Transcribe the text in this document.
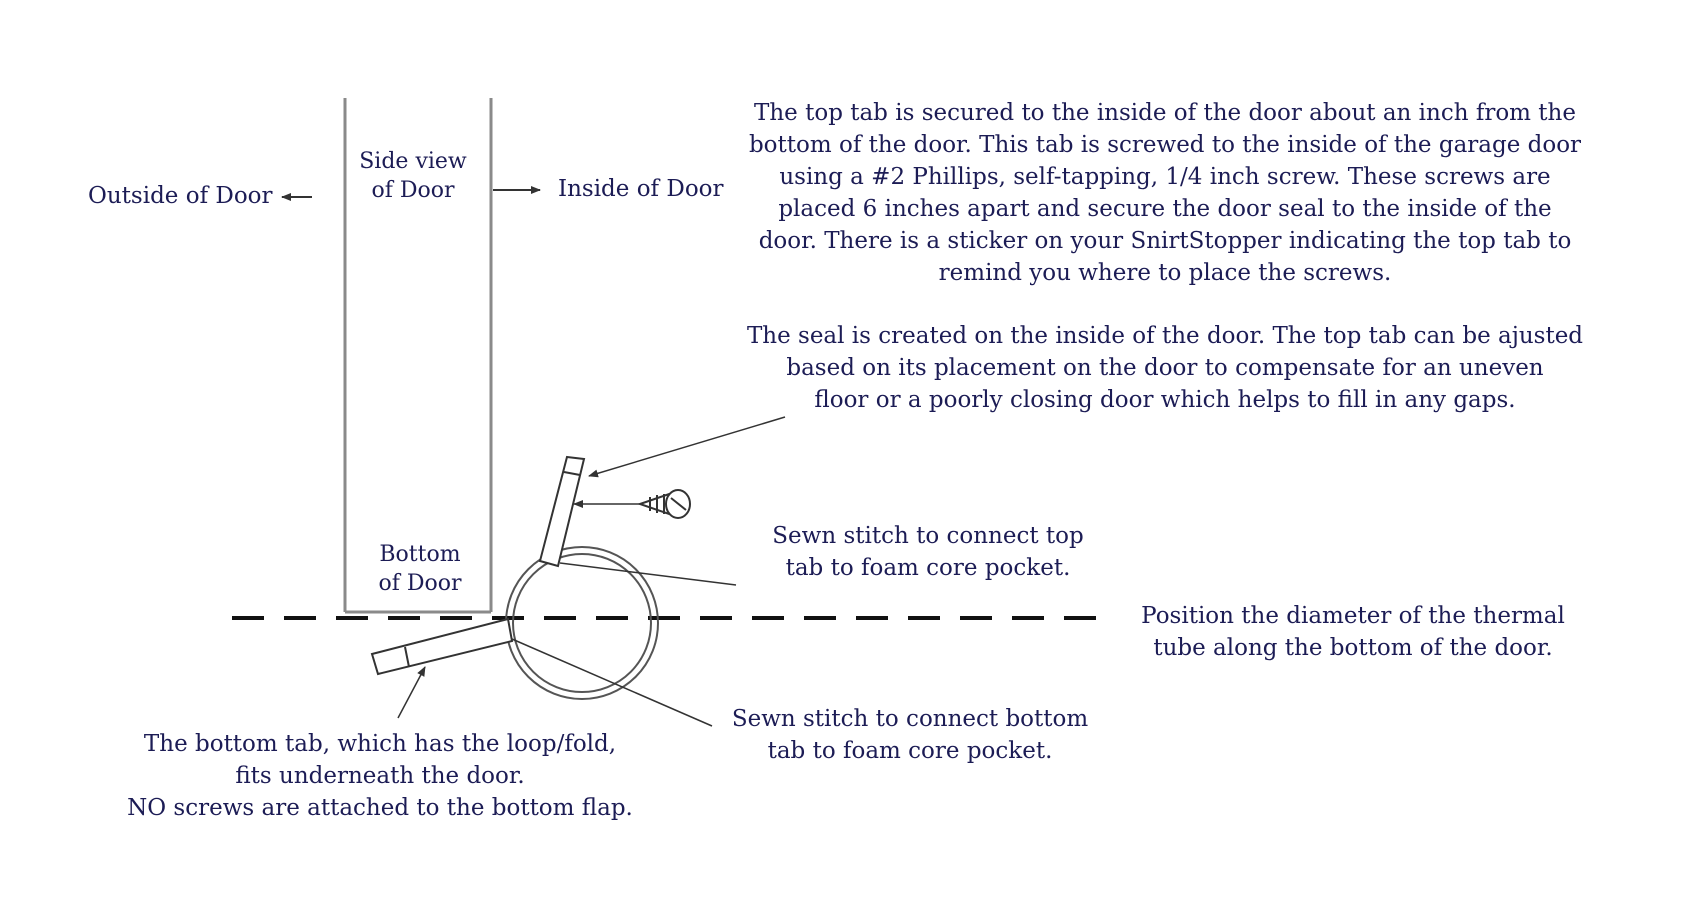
Outside of Door	Inside of Door
Side view
of Door
Bottom
of Door
The top tab is secured to the inside of the door about an inch from the
bottom of the door. This tab is screwed to the inside of the garage door
using a #2 Phillips, self-tapping, 1/4 inch screw. These screws are
placed 6 inches apart and secure the door seal to the inside of the
door. There is a sticker on your SnirtStopper indicating the top tab to
remind you where to place the screws.
The seal is created on the inside of the door. The top tab can be ajusted
based on its placement on the door to compensate for an uneven
floor or a poorly closing door which helps to fill in any gaps.
Sewn stitch to connect top
tab to foam core pocket.
Position the diameter of the thermal
tube along the bottom of the door.
Sewn stitch to connect bottom
tab to foam core pocket.
The bottom tab, which has the loop/fold,
fits underneath the door.
NO screws are attached to the bottom flap.
